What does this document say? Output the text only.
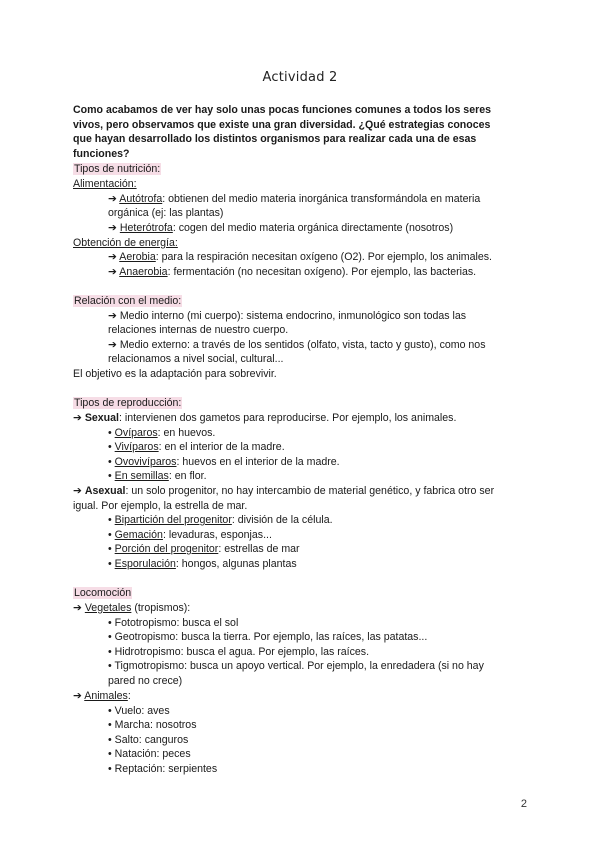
Actividad 2

Como acabamos de ver hay solo unas pocas funciones comunes a todos los seres

vivos, pero observamos que existe una gran diversidad. ¿Qué estrategias conoces

que hayan desarrollado los distintos organismos para realizar cada una de esas

funciones?

Tipos de nutrición:
Alimentación:
➔ Autótrofa: obtienen del medio materia inorgánica transformándola en materia
orgánica (ej: las plantas)
➔ Heterótrofa: cogen del medio materia orgánica directamente (nosotros)
Obtención de energía:
➔ Aerobia: para la respiración necesitan oxígeno (O2). Por ejemplo, los animales.
➔ Anaerobia: fermentación (no necesitan oxígeno). Por ejemplo, las bacterias.
Relación con el medio:
➔ Medio interno (mi cuerpo): sistema endocrino, inmunológico son todas las
relaciones internas de nuestro cuerpo.
➔ Medio externo: a través de los sentidos (olfato, vista, tacto y gusto), como nos
relacionamos a nivel social, cultural...
El objetivo es la adaptación para sobrevivir.
Tipos de reproducción:
➔ Sexual: intervienen dos gametos para reproducirse. Por ejemplo, los animales.
• Ovíparos: en huevos.
• Vivíparos: en el interior de la madre.
• Ovovivíparos: huevos en el interior de la madre.
• En semillas: en flor.
➔ Asexual: un solo progenitor, no hay intercambio de material genético, y fabrica otro ser
igual. Por ejemplo, la estrella de mar.
• Bipartición del progenitor: división de la célula.
• Gemación: levaduras, esponjas...
• Porción del progenitor: estrellas de mar
• Esporulación: hongos, algunas plantas
Locomoción
➔ Vegetales (tropismos):
• Fototropismo: busca el sol
• Geotropismo: busca la tierra. Por ejemplo, las raíces, las patatas...
• Hidrotropismo: busca el agua. Por ejemplo, las raíces.
• Tigmotropismo: busca un apoyo vertical. Por ejemplo, la enredadera (si no hay
pared no crece)
➔ Animales:
• Vuelo: aves
• Marcha: nosotros
• Salto: canguros
• Natación: peces
• Reptación: serpientes
2
